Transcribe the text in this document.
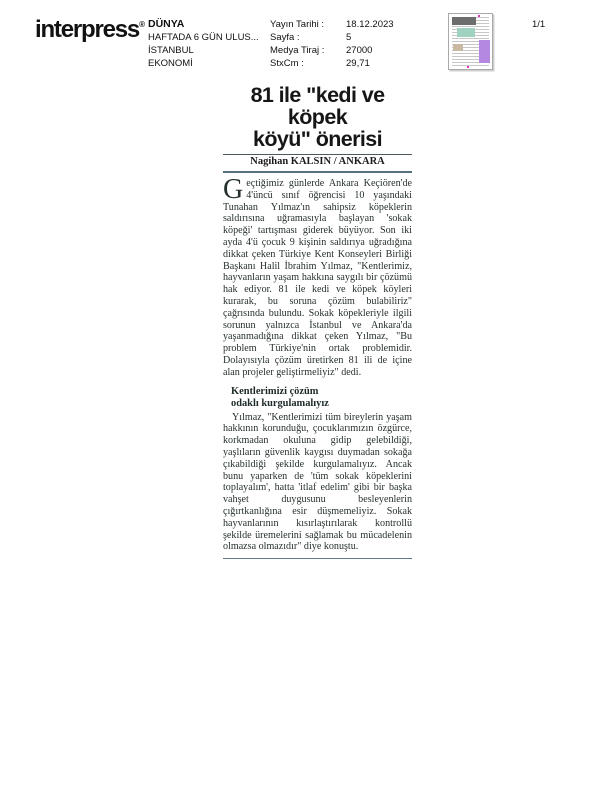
interpress® DÜNYA
HAFTADA 6 GÜN ULUS...
İSTANBUL
EKONOMİ
Yayın Tarihi :	18.12.2023
Sayfa :	5
Medya Tiraj :	27000
StxCm :	29,71
1/1
81 ile "kedi ve köpek
köyü" önerisi
Nagihan KALSIN / ANKARA

Geçtiğimiz günlerde Ankara Keçiören'de 4'üncü sınıf öğrencisi 10 yaşındaki Tunahan Yılmaz'ın sahipsiz köpeklerin saldırısına uğramasıyla başlayan 'sokak köpeği' tartışması giderek büyüyor. Son iki ayda 4'ü çocuk 9 kişinin saldırıya uğradığına dikkat çeken Türkiye Kent Konseyleri Birliği Başkanı Halil İbrahim Yılmaz, "Kentlerimiz, hayvanların yaşam hakkına saygılı bir çözümü hak ediyor. 81 ile kedi ve köpek köyleri kurarak, bu soruna çözüm bulabiliriz" çağrısında bulundu. Sokak köpekleriyle ilgili sorunun yalnızca İstanbul ve Ankara'da yaşanmadığına dikkat çeken Yılmaz, "Bu problem Türkiye'nin ortak problemidir. Dolayısıyla çözüm üretirken 81 ili de içine alan projeler geliştirmeliyiz" dedi.

Kentlerimizi çözüm
odaklı kurgulamalıyız

Yılmaz, "Kentlerimizi tüm bireylerin yaşam hakkının korunduğu, çocuklarımızın özgürce, korkmadan okuluna gidip gelebildiği, yaşlıların güvenlik kaygısı duymadan sokağa çıkabildiği şekilde kurgulamalıyız. Ancak bunu yaparken de 'tüm sokak köpeklerini toplayalım', hatta 'itlaf edelim' gibi bir başka vahşet duygusunu besleyenlerin çığırtkanlığına esir düşmemeliyiz. Sokak hayvanlarının kısırlaştırılarak kontrollü şekilde üremelerini sağlamak bu mücadelenin olmazsa olmazıdır" diye konuştu.
